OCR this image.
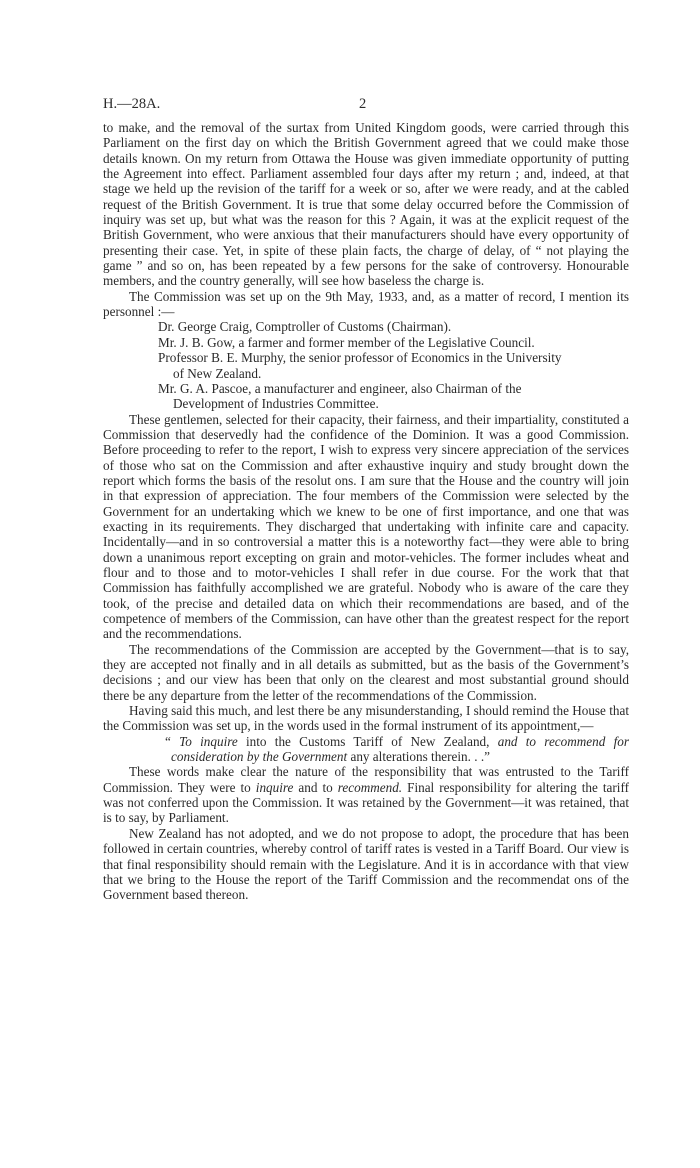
H.—28A.	2

to make, and the removal of the surtax from United Kingdom goods, were carried through this Parliament on the first day on which the British Government agreed that we could make those details known. On my return from Ottawa the House was given immediate opportunity of putting the Agreement into effect. Parliament assembled four days after my return ; and, indeed, at that stage we held up the revision of the tariff for a week or so, after we were ready, and at the cabled request of the British Government. It is true that some delay occurred before the Commission of inquiry was set up, but what was the reason for this ? Again, it was at the explicit request of the British Government, who were anxious that their manufacturers should have every opportunity of presenting their case. Yet, in spite of these plain facts, the charge of delay, of “ not playing the game ” and so on, has been repeated by a few persons for the sake of controversy. Honourable members, and the country generally, will see how baseless the charge is.

The Commission was set up on the 9th May, 1933, and, as a matter of record, I mention its personnel :—

Dr. George Craig, Comptroller of Customs (Chairman).
Mr. J. B. Gow, a farmer and former member of the Legislative Council.
Professor B. E. Murphy, the senior professor of Economics in the University
of New Zealand.
Mr. G. A. Pascoe, a manufacturer and engineer, also Chairman of the
Development of Industries Committee.

These gentlemen, selected for their capacity, their fairness, and their impartiality, constituted a Commission that deservedly had the confidence of the Dominion. It was a good Commission. Before proceeding to refer to the report, I wish to express very sincere appreciation of the services of those who sat on the Commission and after exhaustive inquiry and study brought down the report which forms the basis of the resolut ons. I am sure that the House and the country will join in that expression of appreciation. The four members of the Commission were selected by the Government for an undertaking which we knew to be one of first importance, and one that was exacting in its requirements. They discharged that undertaking with infinite care and capacity. Incidentally—and in so controversial a matter this is a noteworthy fact—they were able to bring down a unanimous report excepting on grain and motor-vehicles. The former includes wheat and flour and to those and to motor-vehicles I shall refer in due course. For the work that that Commission has faithfully accomplished we are grateful. Nobody who is aware of the care they took, of the precise and detailed data on which their recommendations are based, and of the competence of members of the Commission, can have other than the greatest respect for the report and the recommendations.

The recommendations of the Commission are accepted by the Government—that is to say, they are accepted not finally and in all details as submitted, but as the basis of the Government’s decisions ; and our view has been that only on the clearest and most substantial ground should there be any departure from the letter of the recommendations of the Commission.

Having said this much, and lest there be any misunderstanding, I should remind the House that the Commission was set up, in the words used in the formal instrument of its appointment,—

“ To inquire into the Customs Tariff of New Zealand, and to recommend for consideration by the Government any alterations therein. . .”

These words make clear the nature of the responsibility that was entrusted to the Tariff Commission. They were to inquire and to recommend. Final responsibility for altering the tariff was not conferred upon the Commission. It was retained by the Government—it was retained, that is to say, by Parliament.

New Zealand has not adopted, and we do not propose to adopt, the procedure that has been followed in certain countries, whereby control of tariff rates is vested in a Tariff Board. Our view is that final responsibility should remain with the Legislature. And it is in accordance with that view that we bring to the House the report of the Tariff Commission and the recommendat ons of the Government based thereon.
